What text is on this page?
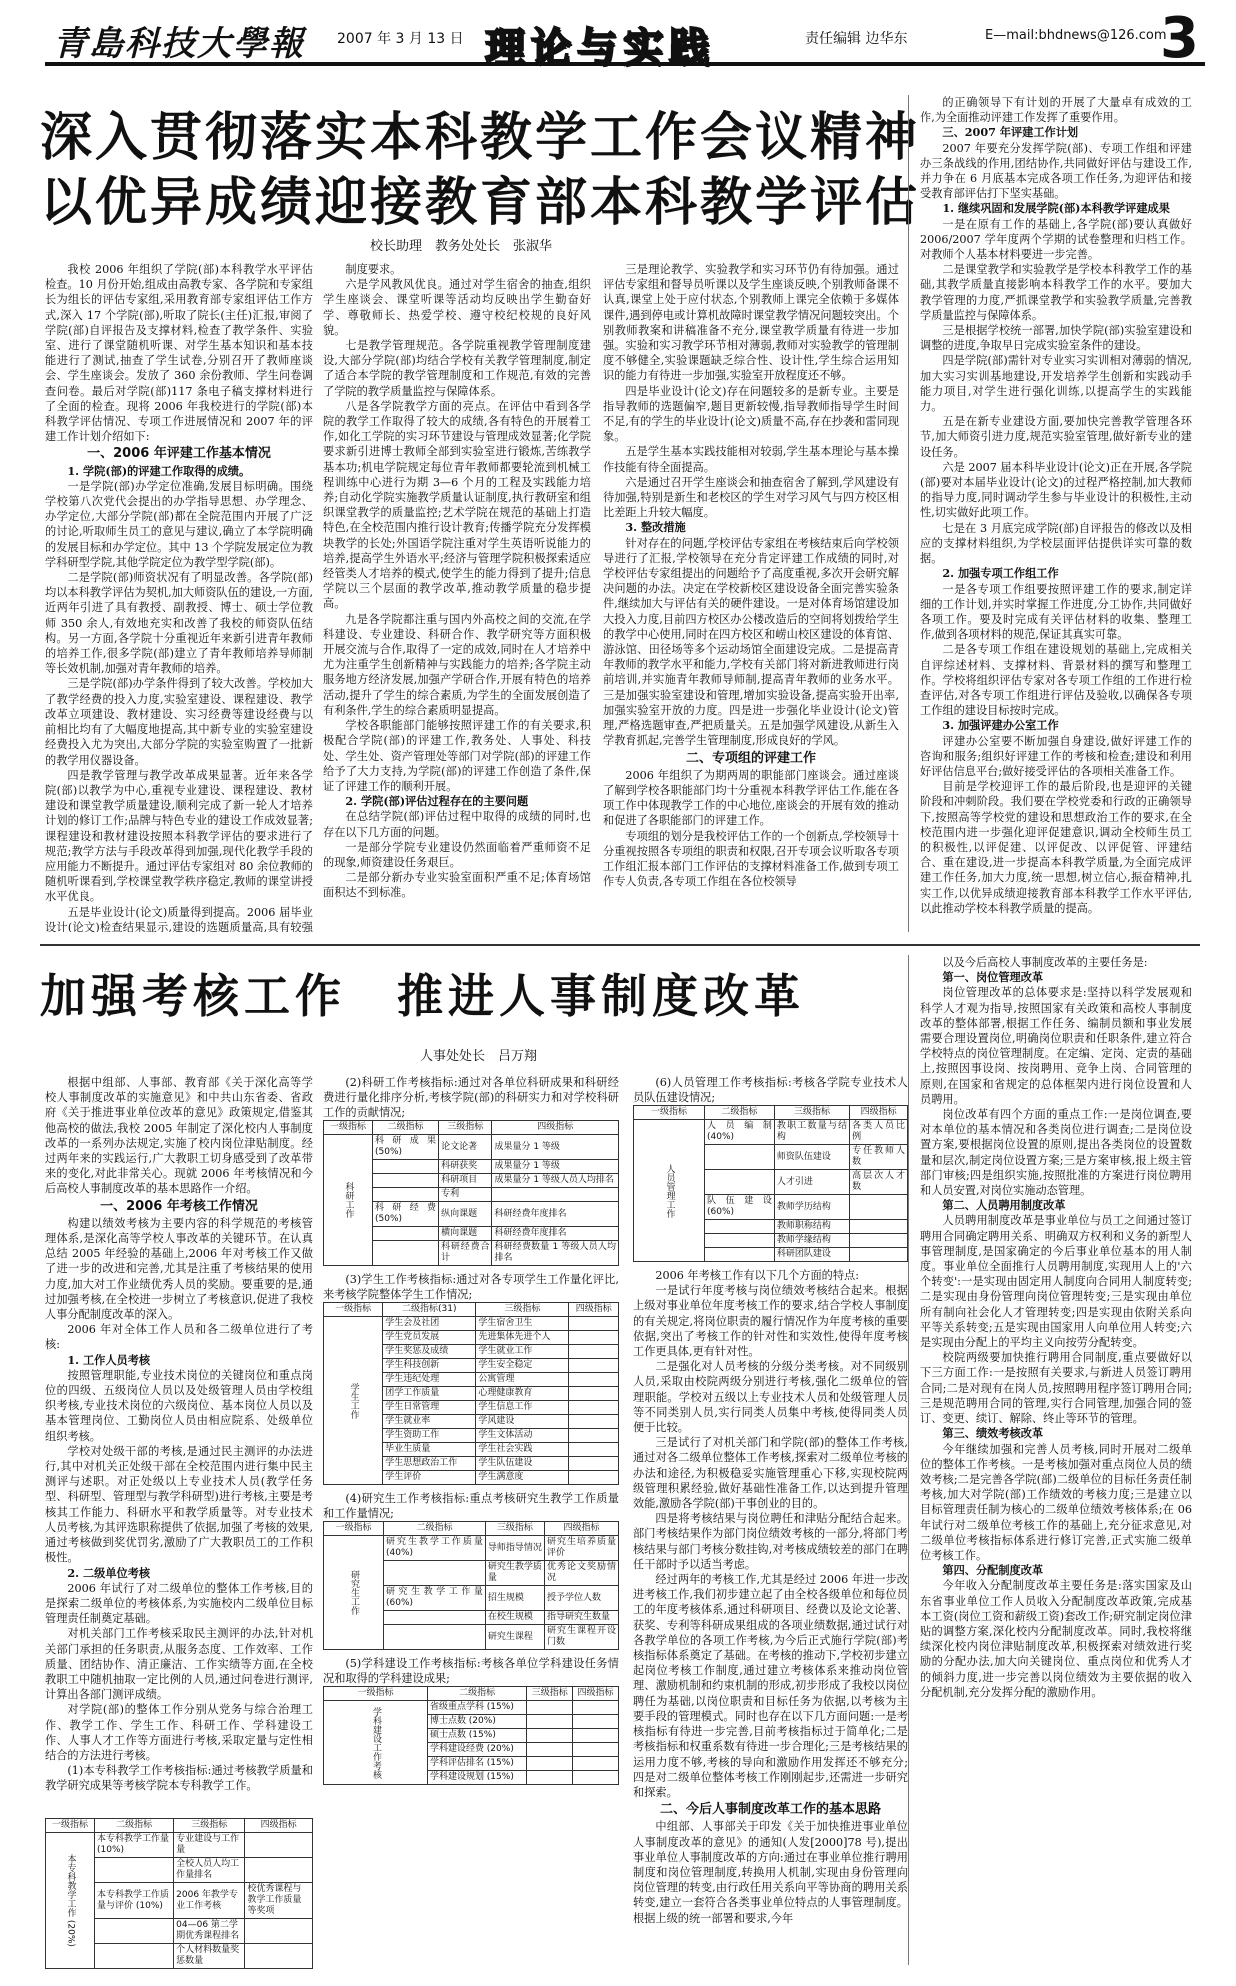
青島科技大學報 2007 年 3 月 13 日 理论与实践	责任编辑 边华东	E—mail:bhdnews@126.com
3
深入贯彻落实本科教学工作会议精神
以优异成绩迎接教育部本科教学评估
校长助理　教务处处长　张淑华

我校 2006 年组织了学院(部)本科教学水平评估检查。10 月份开始,组成由高教专家、各学院和专家组长为组长的评估专家组,采用教育部专家组评估工作方式,深入 17 个学院(部),听取了院长(主任)汇报,审阅了学院(部)自评报告及支撑材料,检查了教学条件、实验室、进行了课堂随机听课、对学生基本知识和基本技能进行了测试,抽查了学生试卷,分别召开了教师座谈会、学生座谈会。发放了 360 余份教师、学生问卷调查问卷。最后对学院(部)117 条电子稿支撑材料进行了全面的检查。现将 2006 年我校进行的学院(部)本科教学评估情况、专项工作进展情况和 2007 年的评建工作计划介绍如下:

一、2006 年评建工作基本情况
1. 学院(部)的评建工作取得的成绩。

一是学院(部)办学定位准确,发展目标明确。围绕学校第八次党代会提出的办学指导思想、办学理念、办学定位,大部分学院(部)都在全院范围内开展了广泛的讨论,听取师生员工的意见与建议,确立了本学院明确的发展目标和办学定位。其中 13 个学院发展定位为教学科研型学院,其他学院定位为教学型学院(部)。

二是学院(部)师资状况有了明显改善。各学院(部)均以本科教学评估为契机,加大师资队伍的建设,一方面,近两年引进了具有教授、副教授、博士、硕士学位教师 350 余人,有效地充实和改善了我校的师资队伍结构。另一方面,各学院十分重视近年来新引进青年教师的培养工作,很多学院(部)建立了青年教师培养导师制等长效机制,加强对青年教师的培养。

三是学院(部)办学条件得到了较大改善。学校加大了教学经费的投入力度,实验室建设、课程建设、教学改革立项建设、教材建设、实习经费等建设经费与以前相比均有了大幅度地提高,其中新专业的实验室建设经费投入尤为突出,大部分学院的实验室购置了一批新的教学用仪器设备。

四是教学管理与教学改革成果显著。近年来各学院(部)以教学为中心,重视专业建设、课程建设、教材建设和课堂教学质量建设,顺利完成了新一轮人才培养计划的修订工作;品牌与特色专业的建设工作成效显著;课程建设和教材建设按照本科教学评估的要求进行了规范;教学方法与手段改革得到加强,现代化教学手段的应用能力不断提升。通过评估专家组对 80 余位教师的随机听课看到,学校课堂教学秩序稳定,教师的课堂讲授水平优良。

五是毕业设计(论文)质量得到提高。2006 届毕业设计(论文)检查结果显示,建设的选题质量高,具有较强

制度要求。

六是学风教风优良。通过对学生宿舍的抽查,组织学生座谈会、课堂听课等活动均反映出学生勤奋好学、尊敬师长、热爱学校、遵守校纪校规的良好风貌。

七是教学管理规范。各学院重视教学管理制度建设,大部分学院(部)均结合学校有关教学管理制度,制定了适合本学院的教学管理制度和工作规范,有效的完善了学院的教学质量监控与保障体系。

八是各学院教学方面的亮点。在评估中看到各学院的教学工作取得了较大的成绩,各有特色的开展着工作,如化工学院的实习环节建设与管理成效显著;化学院要求新引进博士教师全部到实验室进行锻炼,苦练教学基本功;机电学院规定每位青年教师都要轮流到机械工程训练中心进行为期 3—6 个月的工程及实践能力培养;自动化学院实施教学质量认证制度,执行教研室和组织课堂教学的质量监控;艺术学院在规范的基础上打造特色,在全校范围内推行设计教育;传播学院充分发挥模块教学的长处;外国语学院注重对学生英语听说能力的培养,提高学生外语水平;经济与管理学院积极探索适应经管类人才培养的模式,使学生的能力得到了提升;信息学院以三个层面的教学改革,推动教学质量的稳步提高。

九是各学院都注重与国内外高校之间的交流,在学科建设、专业建设、科研合作、教学研究等方面积极开展交流与合作,取得了一定的成效,同时在人才培养中尤为注重学生创新精神与实践能力的培养;各学院主动服务地方经济发展,加强产学研合作,开展有特色的培养活动,提升了学生的综合素质,为学生的全面发展创造了有利条件,学生的综合素质明显提高。

学校各职能部门能够按照评建工作的有关要求,积极配合学院(部)的评建工作,教务处、人事处、科技处、学生处、资产管理处等部门对学院(部)的评建工作给予了大力支持,为学院(部)的评建工作创造了条件,保证了评建工作的顺利开展。

2. 学院(部)评估过程存在的主要问题

在总结学院(部)评估过程中取得的成绩的同时,也存在以下几方面的问题。

一是部分学院专业建设仍然面临着严重师资不足的现象,师资建设任务艰巨。

二是部分新办专业实验室面积严重不足;体育场馆面积达不到标准。

三是理论教学、实验教学和实习环节仍有待加强。通过评估专家组和督导员听课以及学生座谈反映,个别教师备课不认真,课堂上处于应付状态,个别教师上课完全依赖于多媒体课件,遇到停电或计算机故障时课堂教学情况问题较突出。个别教师教案和讲稿准备不充分,课堂教学质量有待进一步加强。实验和实习教学环节相对薄弱,教师对实验教学的管理制度不够健全,实验课题缺乏综合性、设计性,学生综合运用知识的能力有待进一步加强,实验室开放程度还不够。

四是毕业设计(论文)存在问题较多的是新专业。主要是指导教师的选题偏窄,题目更新较慢,指导教师指导学生时间不足,有的学生的毕业设计(论文)质量不高,存在抄袭和雷同现象。

五是学生基本实践技能相对较弱,学生基本理论与基本操作技能有待全面提高。

六是通过召开学生座谈会和抽查宿舍了解到,学风建设有待加强,特别是新生和老校区的学生对学习风气与四方校区相比差距上升较大幅度。

3. 整改措施

针对存在的问题,学校评估专家组在考核结束后向学校领导进行了汇报,学校领导在充分肯定评建工作成绩的同时,对学校评估专家组提出的问题给予了高度重视,多次开会研究解决问题的办法。决定在学校新校区建设设备全面完善实验条件,继续加大与评估有关的硬件建设。一是对体育场馆建设加大投入力度,目前四方校区办公楼改造后的空间将划拨给学生的教学中心使用,同时在四方校区和崂山校区建设的体育馆、游泳馆、田径场等多个运动场馆全面建设完成。二是提高青年教师的教学水平和能力,学校有关部门将对新进教师进行岗前培训,并实施青年教师导师制,提高青年教师的业务水平。三是加强实验室建设和管理,增加实验设备,提高实验开出率,加强实验室开放的力度。四是进一步强化毕业设计(论文)管理,严格选题审查,严把质量关。五是加强学风建设,从新生入学教育抓起,完善学生管理制度,形成良好的学风。

二、专项组的评建工作

2006 年组织了为期两周的职能部门座谈会。通过座谈了解到学校各职能部门均十分重视本科教学评估工作,能在各项工作中体现教学工作的中心地位,座谈会的开展有效的推动和促进了各职能部门的评建工作。

专项组的划分是我校评估工作的一个创新点,学校领导十分重视按照各专项组的职责和权限,召开专项会议听取各专项工作组汇报本部门工作评估的支撑材料准备工作,做到专项工作专人负责,各专项工作组在各位校领导

的正确领导下有计划的开展了大量卓有成效的工作,为全面推动评建工作发挥了重要作用。

三、2007 年评建工作计划

2007 年要充分发挥学院(部)、专项工作组和评建办三条战线的作用,团结协作,共同做好评估与建设工作,并力争在 6 月底基本完成各项工作任务,为迎评估和接受教育部评估打下坚实基础。

1. 继续巩固和发展学院(部)本科教学评建成果

一是在原有工作的基础上,各学院(部)要认真做好 2006/2007 学年度两个学期的试卷整理和归档工作。对教师个人基本材料要进一步完善。

二是课堂教学和实验教学是学校本科教学工作的基础,其教学质量直接影响本科教学工作的水平。要加大教学管理的力度,严抓课堂教学和实验教学质量,完善教学质量监控与保障体系。

三是根据学校统一部署,加快学院(部)实验室建设和调整的进度,争取早日完成实验室条件的建设。

四是学院(部)需针对专业实习实训相对薄弱的情况,加大实习实训基地建设,开发培养学生创新和实践动手能力项目,对学生进行强化训练,以提高学生的实践能力。

五是在新专业建设方面,要加快完善教学管理各环节,加大师资引进力度,规范实验室管理,做好新专业的建设任务。

六是 2007 届本科毕业设计(论文)正在开展,各学院(部)要对本届毕业设计(论文)的过程严格控制,加大教师的指导力度,同时调动学生参与毕业设计的积极性,主动性,切实做好此项工作。

七是在 3 月底完成学院(部)自评报告的修改以及相应的支撑材料组织,为学校层面评估提供详实可靠的数据。

2. 加强专项工作组工作

一是各专项工作组要按照评建工作的要求,制定详细的工作计划,并实时掌握工作进度,分工协作,共同做好各项工作。要及时完成有关评估材料的收集、整理工作,做到各项材料的规范,保证其真实可靠。

二是各专项工作组在建设规划的基础上,完成相关自评综述材料、支撑材料、背景材料的撰写和整理工作。学校将组织评估专家对各专项工作组的工作进行检查评估,对各专项工作组进行评估及验收,以确保各专项工作组的建设目标按时完成。

3. 加强评建办公室工作

评建办公室要不断加强自身建设,做好评建工作的咨询和服务;组织好评建工作的考核和检查;建设和利用好评估信息平台;做好接受评估的各项相关准备工作。

目前是学校迎评工作的最后阶段,也是迎评的关键阶段和冲刺阶段。我们要在学校党委和行政的正确领导下,按照高等学校党的建设和思想政治工作的要求,在全校范围内进一步强化迎评促建意识,调动全校师生员工的积极性,以评促建、以评促改、以评促管、评建结合、重在建设,进一步提高本科教学质量,为全面完成评建工作任务,加大力度,统一思想,树立信心,振奋精神,扎实工作,以优异成绩迎接教育部本科教学工作水平评估,以此推动学校本科教学质量的提高。

加强考核工作　推进人事制度改革
人事处处长　吕万翔

根据中组部、人事部、教育部《关于深化高等学校人事制度改革的实施意见》和中共山东省委、省政府《关于推进事业单位改革的意见》政策规定,借鉴其他高校的做法,我校 2005 年制定了深化校内人事制度改革的一系列办法规定,实施了校内岗位津贴制度。经过两年来的实践运行,广大教职工切身感受到了改革带来的变化,对此非常关心。现就 2006 年考核情况和今后高校人事制度改革的基本思路作一介绍。

一、2006 年考核工作情况

构建以绩效考核为主要内容的科学规范的考核管理体系,是深化高等学校人事改革的关键环节。在认真总结 2005 年经验的基础上,2006 年对考核工作又做了进一步的改进和完善,尤其是注重了考核结果的使用力度,加大对工作业绩优秀人员的奖励。要重要的是,通过加强考核,在全校进一步树立了考核意识,促进了我校人事分配制度改革的深入。

2006 年对全体工作人员和各二级单位进行了考核:

1. 工作人员考核

按照管理职能,专业技术岗位的关键岗位和重点岗位的四级、五级岗位人员以及处级管理人员由学校组织考核,专业技术岗位的六级岗位、基本岗位人员以及基本管理岗位、工勤岗位人员由相应院系、处级单位组织考核。

学校对处级干部的考核,是通过民主测评的办法进行,其中对机关正处级干部在全校范围内进行集中民主测评与述职。对正处级以上专业技术人员(教学任务型、科研型、管理型与教学科研型)进行考核,主要是考核其工作能力、科研水平和教学质量等。对专业技术人员考核,为其评选职称提供了依据,加强了考核的效果,通过考核做到奖优罚劣,激励了广大教职员工的工作积极性。

2. 二级单位考核

2006 年试行了对二级单位的整体工作考核,目的是探索二级单位的考核体系,为实施校内二级单位目标管理责任制奠定基础。

对机关部门工作考核采取民主测评的办法,针对机关部门承担的任务职责,从服务态度、工作效率、工作质量、团结协作、清正廉洁、工作实绩等方面,在全校教职工中随机抽取一定比例的人员,通过问卷进行测评,计算出各部门测评成绩。

对学院(部)的整体工作分别从党务与综合治理工作、教学工作、学生工作、科研工作、学科建设工作、人事人才工作等方面进行考核,采取定量与定性相结合的方法进行考核。

(1)本专科教学工作考核指标:通过考核教学质量和教学研究成果等考核学院本专科教学工作。

(2)科研工作考核指标:通过对各单位科研成果和科研经费进行量化排序分析,考核学院(部)的科研实力和对学校科研工作的贡献情况;

一级指标	二级指标	三级指标	四级指标
科研工作	科研成果 (50%)	论文论著	成果量分 1 等级
		科研获奖	成果量分 1 等级
		科研项目	成果量分 1 等级人员人均排名
		专利	
	科研经费 (50%)	纵向课题	科研经费年度排名
		横向课题	科研经费年度排名
		科研经费合计	科研经费数量 1 等级人员人均排名

(3)学生工作考核指标:通过对各专项学生工作量化评比,来考核学院整体学生工作情况;

一级指标	二级指标(31)	三级指标	四级指标
学生工作	学生会及社团	学生宿舍卫生	
	学生党员发展	先进集体先进个人	
	学生奖惩及成绩	学生就业工作	
	学生科技创新	学生安全稳定	
	学生违纪处理	公寓管理	
	团学工作质量	心理健康教育	
	学生日常管理	学生信息工作	
	学生就业率	学风建设	
	学生资助工作	学生文体活动	
	毕业生质量	学生社会实践	
	学生思想政治工作	学生队伍建设	
	学生评价	学生满意度	

(4)研究生工作考核指标:重点考核研究生教学工作质量和工作量情况;

一级指标	二级指标	三级指标	四级指标
研究生工作	研究生教学工作质量 (40%)	导师指导情况	研究生培养质量评价
		研究生教学质量	优秀论文奖励情况
	研究生教学工作量 (60%)	招生规模	授予学位人数
		在校生规模	指导研究生数量
		研究生课程	研究生课程开设门数

(5)学科建设工作考核指标:考核各单位学科建设任务情况和取得的学科建设成果;

一级指标	二级指标	三级指标	四级指标
学科建设工作考核	省级重点学科 (15%)		
	博士点数 (20%)		
	硕士点数 (15%)		
	学科建设经费 (20%)		
	学科评估排名 (15%)		
	学科建设规划 (15%)		

(6)人员管理工作考核指标:考核各学院专业技术人员队伍建设情况;

一级指标	二级指标	三级指标	四级指标
人员管理工作	人员编制 (40%)	教职工数量与结构	各类人员比例
		师资队伍建设	专任教师人数
		人才引进	高层次人才数
	队伍建设 (60%)	教师学历结构	
		教师职称结构	
		教师学缘结构	
		科研团队建设	

2006 年考核工作有以下几个方面的特点:

一是试行年度考核与岗位绩效考核结合起来。根据上级对事业单位年度考核工作的要求,结合学校人事制度的有关规定,将岗位职责的履行情况作为年度考核的重要依据,突出了考核工作的针对性和实效性,使得年度考核工作更具体,更有针对性。

二是强化对人员考核的分级分类考核。对不同级别人员,采取由校院两级分别进行考核,强化二级单位的管理职能。学校对五级以上专业技术人员和处级管理人员等不同类别人员,实行同类人员集中考核,使得同类人员便于比较。

三是试行了对机关部门和学院(部)的整体工作考核,通过对各二级单位整体工作考核,探索对二级单位考核的办法和途径,为积极稳妥实施管理重心下移,实现校院两级管理积累经验,做好基础性准备工作,以达到提升管理效能,激励各学院(部)干事创业的目的。

四是将考核结果与岗位聘任和津贴分配结合起来。部门考核结果作为部门岗位绩效考核的一部分,将部门考核结果与部门考核分数挂钩,对考核成绩较差的部门在聘任干部时予以适当考虑。

经过两年的考核工作,尤其是经过 2006 年进一步改进考核工作,我们初步建立起了由全校各级单位和每位员工的年度考核体系,通过科研项目、经费以及论文论著、获奖、专利等科研成果组成的各项业绩数据,通过试行对各教学单位的各项工作考核,为今后正式施行学院(部)考核指标体系奠定了基础。在考核的推动下,学校初步建立起岗位考核工作制度,通过建立考核体系来推动岗位管理、激励机制和约束机制的形成,初步形成了我校以岗位聘任为基础,以岗位职责和目标任务为依据,以考核为主要手段的管理模式。同时也存在以下几方面问题:一是考核指标有待进一步完善,目前考核指标过于简单化;二是考核指标和权重系数有待进一步合理化;三是考核结果的运用力度不够,考核的导向和激励作用发挥还不够充分;四是对二级单位整体考核工作刚刚起步,还需进一步研究和探索。

二、今后人事制度改革工作的基本思路

中组部、人事部关于印发《关于加快推进事业单位人事制度改革的意见》的通知(人发[2000]78 号),提出事业单位人事制度改革的方向:通过在事业单位推行聘用制度和岗位管理制度,转换用人机制,实现由身份管理向岗位管理的转变,由行政任用关系向平等协商的聘用关系转变,建立一套符合各类事业单位特点的人事管理制度。根据上级的统一部署和要求,今年

以及今后高校人事制度改革的主要任务是:

第一、岗位管理改革

岗位管理改革的总体要求是:坚持以科学发展观和科学人才观为指导,按照国家有关政策和高校人事制度改革的整体部署,根据工作任务、编制员额和事业发展需要合理设置岗位,明确岗位职责和任职条件,建立符合学校特点的岗位管理制度。在定编、定岗、定责的基础上,按照因事设岗、按岗聘用、竞争上岗、合同管理的原则,在国家和省规定的总体框架内进行岗位设置和人员聘用。

岗位改革有四个方面的重点工作:一是岗位调查,要对本单位的基本情况和各类岗位进行调查;二是岗位设置方案,要根据岗位设置的原则,提出各类岗位的设置数量和层次,制定岗位设置方案;三是方案审核,报上级主管部门审核;四是组织实施,按照批准的方案进行岗位聘用和人员安置,对岗位实施动态管理。

第二、人员聘用制度改革

人员聘用制度改革是事业单位与员工之间通过签订聘用合同确定聘用关系、明确双方权利和义务的新型人事管理制度,是国家确定的今后事业单位基本的用人制度。事业单位全面推行人员聘用制度,实现用人上的'六个转变':一是实现由固定用人制度向合同用人制度转变;二是实现由身份管理向岗位管理转变;三是实现由单位所有制向社会化人才管理转变;四是实现由依附关系向平等关系转变;五是实现由国家用人向单位用人转变;六是实现由分配上的平均主义向按劳分配转变。

校院两级要加快推行聘用合同制度,重点要做好以下三方面工作:一是按照有关要求,与新进人员签订聘用合同;二是对现有在岗人员,按照聘用程序签订聘用合同;三是规范聘用合同的管理,实行合同管理,加强合同的签订、变更、续订、解除、终止等环节的管理。

第三、绩效考核改革

今年继续加强和完善人员考核,同时开展对二级单位的整体工作考核。一是考核加强对重点岗位人员的绩效考核;二是完善各学院(部)二级单位的目标任务责任制考核,加大对学院(部)工作绩效的考核力度;三是建立以目标管理责任制为核心的二级单位绩效考核体系;在 06 年试行对二级单位考核工作的基础上,充分征求意见,对二级单位考核指标体系进行修订完善,正式实施二级单位考核工作。

第四、分配制度改革

今年收入分配制度改革主要任务是:落实国家及山东省事业单位工作人员收入分配制度改革政策,完成基本工资(岗位工资和薪级工资)套改工作;研究制定岗位津贴的调整方案,深化校内分配制度改革。同时,我校将继续深化校内岗位津贴制度改革,积极探索对绩效进行奖励的分配办法,加大向关键岗位、重点岗位和优秀人才的倾斜力度,进一步完善以岗位绩效为主要依据的收入分配机制,充分发挥分配的激励作用。

一级指标	二级指标	三级指标	四级指标
本专科教学工作 (20%)	本专科教学工作量 (10%)	专业建设与工作量	
		全校人员人均工作量排名	
	本专科教学工作质量与评价 (10%)	2006 年教学专业工作考核	校优秀课程与教学工作质量等奖项
		04—06 第二学期优秀课程排名	
		个人材料数量奖惩数量	
